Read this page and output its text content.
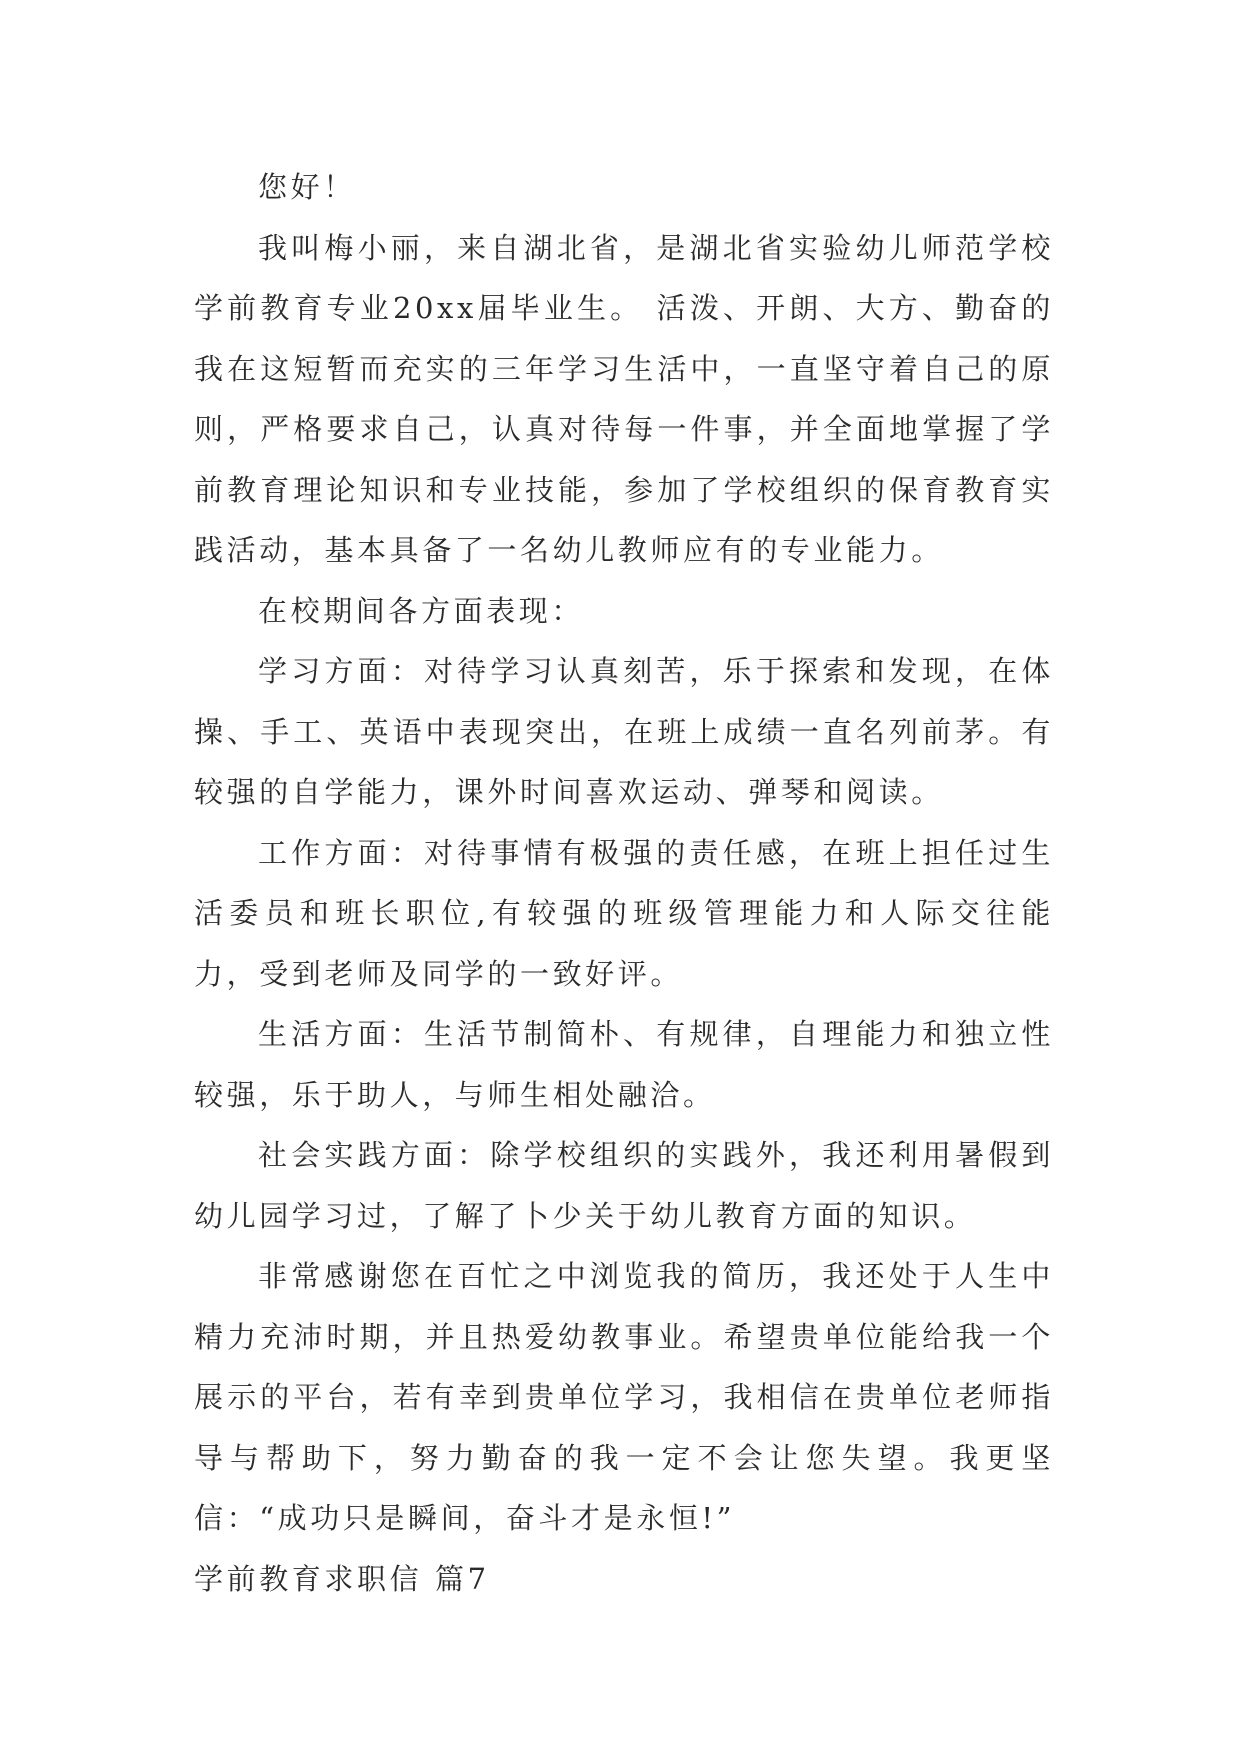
您好！

我叫梅小丽，来自湖北省，是湖北省实验幼儿师范学校学前教育专业20xx届毕业生。 活泼、开朗、大方、勤奋的我在这短暂而充实的三年学习生活中，一直坚守着自己的原则，严格要求自己，认真对待每一件事，并全面地掌握了学前教育理论知识和专业技能，参加了学校组织的保育教育实践活动，基本具备了一名幼儿教师应有的专业能力。

在校期间各方面表现：

学习方面：对待学习认真刻苦，乐于探索和发现，在体操、手工、英语中表现突出，在班上成绩一直名列前茅。有较强的自学能力，课外时间喜欢运动、弹琴和阅读。

工作方面：对待事情有极强的责任感，在班上担任过生活委员和班长职位,有较强的班级管理能力和人际交往能力，受到老师及同学的一致好评。

生活方面：生活节制简朴、有规律，自理能力和独立性较强，乐于助人，与师生相处融洽。

社会实践方面：除学校组织的实践外，我还利用暑假到幼儿园学习过，了解了卜少关于幼儿教育方面的知识。

非常感谢您在百忙之中浏览我的简历，我还处于人生中精力充沛时期，并且热爱幼教事业。希望贵单位能给我一个展示的平台，若有幸到贵单位学习，我相信在贵单位老师指导与帮助下，努力勤奋的我一定不会让您失望。我更坚信：“成功只是瞬间，奋斗才是永恒!”

学前教育求职信 篇7
